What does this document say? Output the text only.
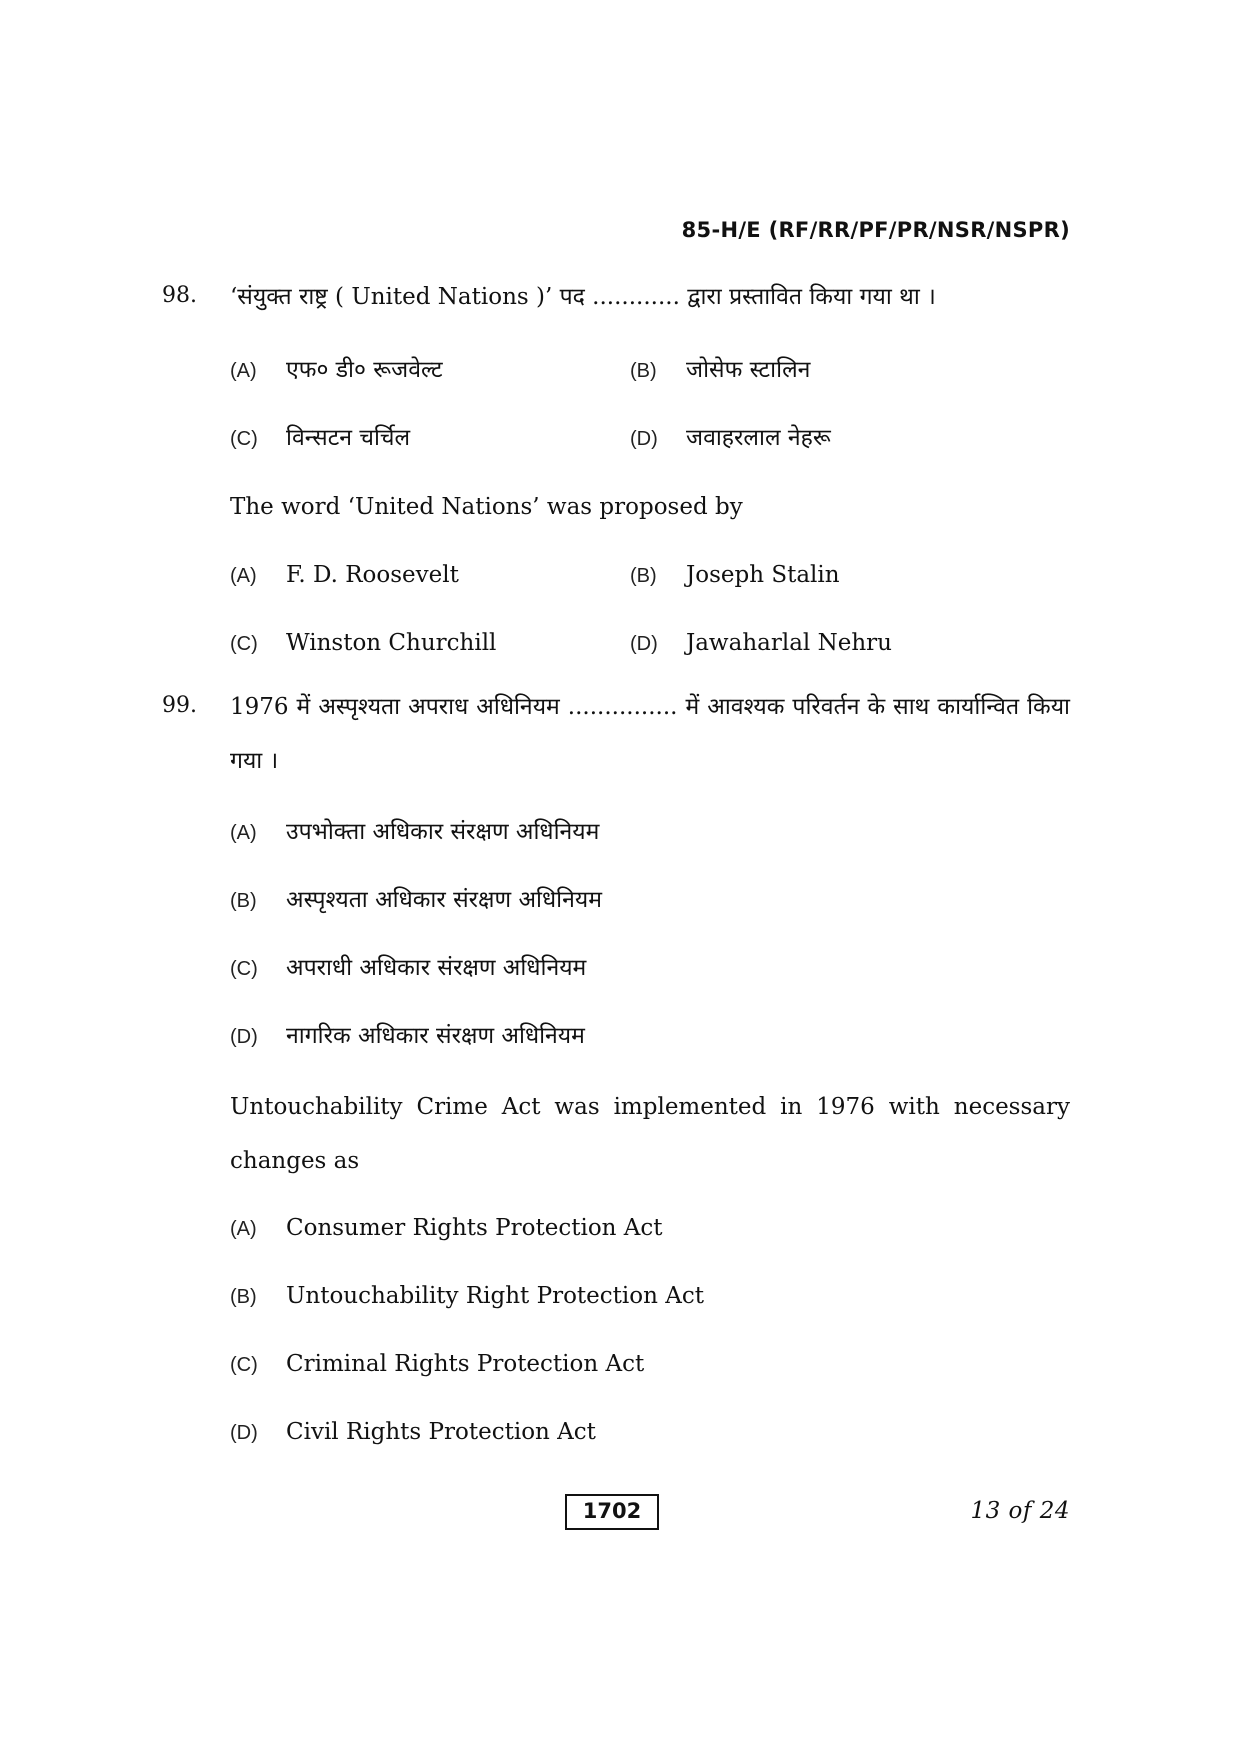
85-H/E (RF/RR/PF/PR/NSR/NSPR)
98. ‘संयुक्त राष्ट्र ( United Nations )’ पद ............ द्वारा प्रस्तावित किया गया था ।
(A) एफ० डी० रूजवेल्ट	(B) जोसेफ स्टालिन
(C) विन्सटन चर्चिल	(D) जवाहरलाल नेहरू
The word ‘United Nations’ was proposed by
(A) F. D. Roosevelt	(B) Joseph Stalin
(C) Winston Churchill	(D) Jawaharlal Nehru
99. 1976 में अस्पृश्यता अपराध अधिनियम ............... में आवश्यक परिवर्तन के साथ कार्यान्वित किया गया ।
(A) उपभोक्ता अधिकार संरक्षण अधिनियम
(B) अस्पृश्यता अधिकार संरक्षण अधिनियम
(C) अपराधी अधिकार संरक्षण अधिनियम
(D) नागरिक अधिकार संरक्षण अधिनियम
Untouchability Crime Act was implemented in 1976 with necessary changes as
(A) Consumer Rights Protection Act
(B) Untouchability Right Protection Act
(C) Criminal Rights Protection Act
(D) Civil Rights Protection Act
1702	13 of 24
